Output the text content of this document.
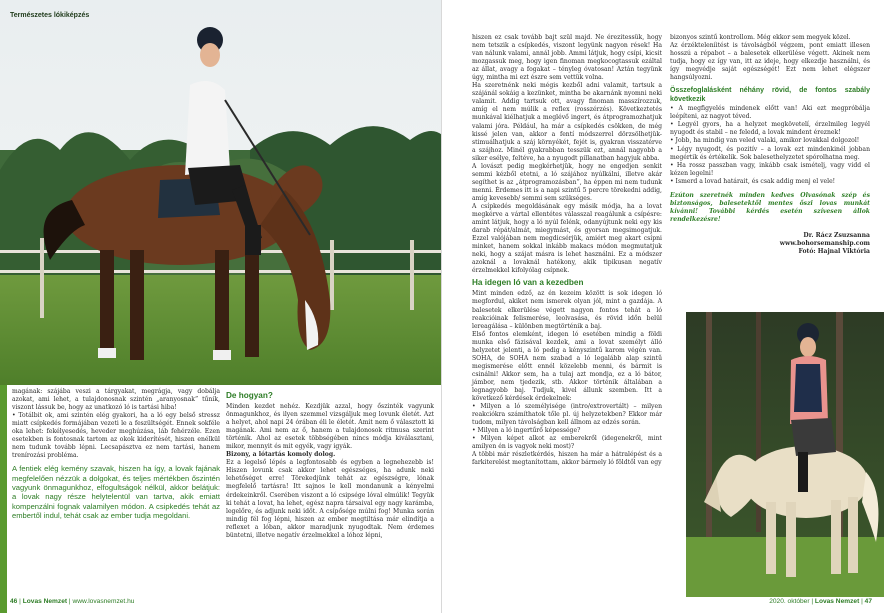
Természetes lókiképzés

magának: szájába veszi a tárgyakat, megrágja, vagy dobálja azokat, ami lehet, a tulajdonosnak szintén „aranyosnak” tűnik, viszont lássuk be, hogy az unatkozó ló is tartási hiba!

• Totálbit ok, ami szintén elég gyakori, ha a ló egy belső stressz miatt csípkedés formájában vezeti le a feszültségét. Ennek sokféle oka lehet: fekélyesedés, heveder meghúzása, láb fehérzéle. Ezen esetekben is fontosnak tartom az okok kiderítését, hiszen enélkül nem tudunk tovább lépni. Lecsapásztva ez nem tartási, hanem trenírozási probléma.

A fentiek elég kemény szavak, hiszen ha így, a lovak fajának megfelelően nézzük a dolgokat, és teljes mértékben őszintén vagyunk önmagunkhoz, elfogultságok nélkül, akkor belátjuk: a lovak nagy része helytelentül van tartva, akik emiatt kompenzálni fognak valamilyen módon. A csipkedés tehát az embertől indul, tehát csak az ember tudja megoldani.

De hogyan?

Minden kezdet nehéz. Kezdjük azzal, hogy őszinték vagyunk önmagunkhoz, és ilyen szemmel vizsgáljuk meg lovunk életét. Azt a helyet, ahol napi 24 órában éli le életét. Amit nem ő választott ki magának. Ami nem az ő, hanem a tulajdonosok ritmusa szerint történik. Ahol az esetek többségében nincs módja kiválasztani, mikor, mennyit és mit egyék, vagy igyák.

Bizony, a lótartás komoly dolog.

Ez a legelső lépés a legfontosabb és egyben a legnehezebb is! Hiszen lovunk csak akkor lehet egészséges, ha adunk neki lehetőséget erre! Törekedjünk tehát az egészségre, lónak megfelelő tartásra! Itt sajnos le kell mondanunk a kényelmi érdekeinkről. Cserében viszont a ló csipsége lóval elmúlik! Tegyük ki tehát a lovat, ha lehet, egész napra társaival egy nagy karámba, legelőre, és adjunk neki időt. A csípősége múlni fog! Munka során mindig fél fog lépni, hiszen az ember megtiltása már elindítja a reflexet a lóban, akkor maradjunk nyugodtak. Nem érdemes büntetni, illetve negatív érzelmekkel a lóhoz lépni,

46 | Lovas Nemzet | www.lovasnemzet.hu

hiszen ez csak tovább bajt szül majd. Ne érezitessük, hogy nem tetszik a csípkedés, viszont legyünk nagyon rések! Ha van nálunk valami, annál jobb. Ammi látjuk, hogy csípi, kicsit mozgassuk meg, hogy igen finoman megkocogtassuk ezáltal az állat, avagy a fogakat – tényleg óvatosan! Aztán tegyünk úgy, mintha mi ezt észre sem vettük volna.

Ha szeretnénk neki mégis kezből adni valamit, tartsuk a szájánál sokáig a kezünket, mintha be akarnánk nyomni neki valamit. Addig tartsuk ott, avagy finoman masszírozzuk, amíg el nem múlik a reflex (rosszérzés). Következtetés munkával kiélhatjuk a meglévő ingert, és átprogramozhatjuk valami jóra. Például, ha már a csípkedés csökken, de még kissé jelen van, akkor a fentí módszerrel dörzsölhetjük-stimuálhatjuk a száj környékét, fejét is, gyakran visszatérve a szájhoz. Minél gyakrabban tesszük ezt, annál nagyobb a siker esélye, feltéve, ha a nyugodt pillanatban hagyjuk abba.

A lovászt pedig megkérhetjük, hogy ne engedjen senkit semmi kézből etetni, a ló szájához nyúlkálni, illetve akár segíthet is az „átprogramozásban”, ha éppen mi nem tudunk menni. Érdemes itt is a napi szintű 5 percre törekedni addig, amíg kevesebb/ semmi sem szükséges.

A csípkedés megoldásának egy másik módja, ha a lovat megkérve a vártal ellentétes válasszal reagálunk a csípésre: amint látjuk, hogy a ló nyúl felénk, odanyújtunk neki egy kis darab répát/almát, miegymást, és gyorsan megsimogatjuk. Ezzel valójában nem megdicsérjük, amiért meg akart csípni minket, hanem sokkal inkább makacs módon megmutatjuk neki, hogy a szájat másra is lehet használni. Ez a módszer azoknál a lovaknál hatékony, akik tipikusan negatív érzelmekkel kifolyólag csípnek.

Ha idegen ló van a kezedben

Mint minden edző, az én kezeim között is sok idegen ló megfordul, akiket nem ismerek olyan jól, mint a gazdája. A balesetek elkerülése végett nagyon fontos tehát a ló reakcióinak felismerése, leolvasása, és rövid időn belül lereagálása – különben megtörténik a baj.

Első fontos elemként, idegen ló esetében mindig a földi munka első fázisával kezdek, ami a lovat személyt álló helyzetet jelenti, a ló pedig a kényszintű karom végén van. SOHA, de SOHA nem szabad a ló legalább alap szintű megismerése előtt ennél közelebb menni, és bármit is csinálni! Akkor sem, ha a tulaj azt mondja, ez a ló bátor, jámbor, nem tjedezik, stb. Akkor történik általában a legnagyobb baj. Tudjuk, kivel állunk szemben. Itt a következő kérdések érdekelnek:

• Milyen a ló személyisége (intro/extrovertált) – milyen reakciókra számíthatok tőle pl. új helyzetekben? Ekkor már tudom, milyen távolságban kell állnom az edzés során.

• Milyen a ló ingertűrő képessége?

• Milyen képet alkot az emberekről (idegenekről, mint amilyen én is vagyok neki most)?

A többi már részletkérdés, hiszen ha már a hátralépést és a farkiterelést megtanítottam, akkor bármely ló földtől van egy

bizonyos szintű kontrollom. Még ekkor sem megyek közel.

Az érzékteleníitést is távolságból végzem, pont emiatt illesen hosszú a répabot – a balesetek elkerülése végett. Akinek nem tudja, hogy ez így van, itt az ideje, hogy elkezdje használni, és így megvédje saját egészségét! Ezt nem lehet elégszer hangsúlyozni.

Összefoglalásként néhány rövid, de fontos szabály következik

• A megfigyelés mindenek előtt van! Aki ezt megpróbálja leépíteni, az nagyot téved.

• Legyél gyors, ha a helyzet megkövetelí, érzelmileg legyél nyugodt és stabil – ne feledd, a lovak mindent éreznek!

• Jobb, ha mindig van veled valaki, amikor lovakkal dolgozol!

• Légy nyugodt, és pozitív – a lovak ezt mindenkinél jobban megértik és értékelik. Sok balesethelyzetet spórolhatna meg.

• Ha rossz passzban vagy, inkább csak ismételj, vagy vidd el kézen legelni!

• Ismerd a lovad határait, és csak addig menj el vele!

Ezúton szeretnék minden kedves Olvasónak szép és biztonságos, balesetektől mentes őszi lovas munkát kívánni! További kérdés esetén szívesen állok rendelkezésre!

Dr. Rácz Zsuzsanna

www.bohorsemanship.com

Fotó: Hajnal Viktória

2020. október | Lovas Nemzet | 47
